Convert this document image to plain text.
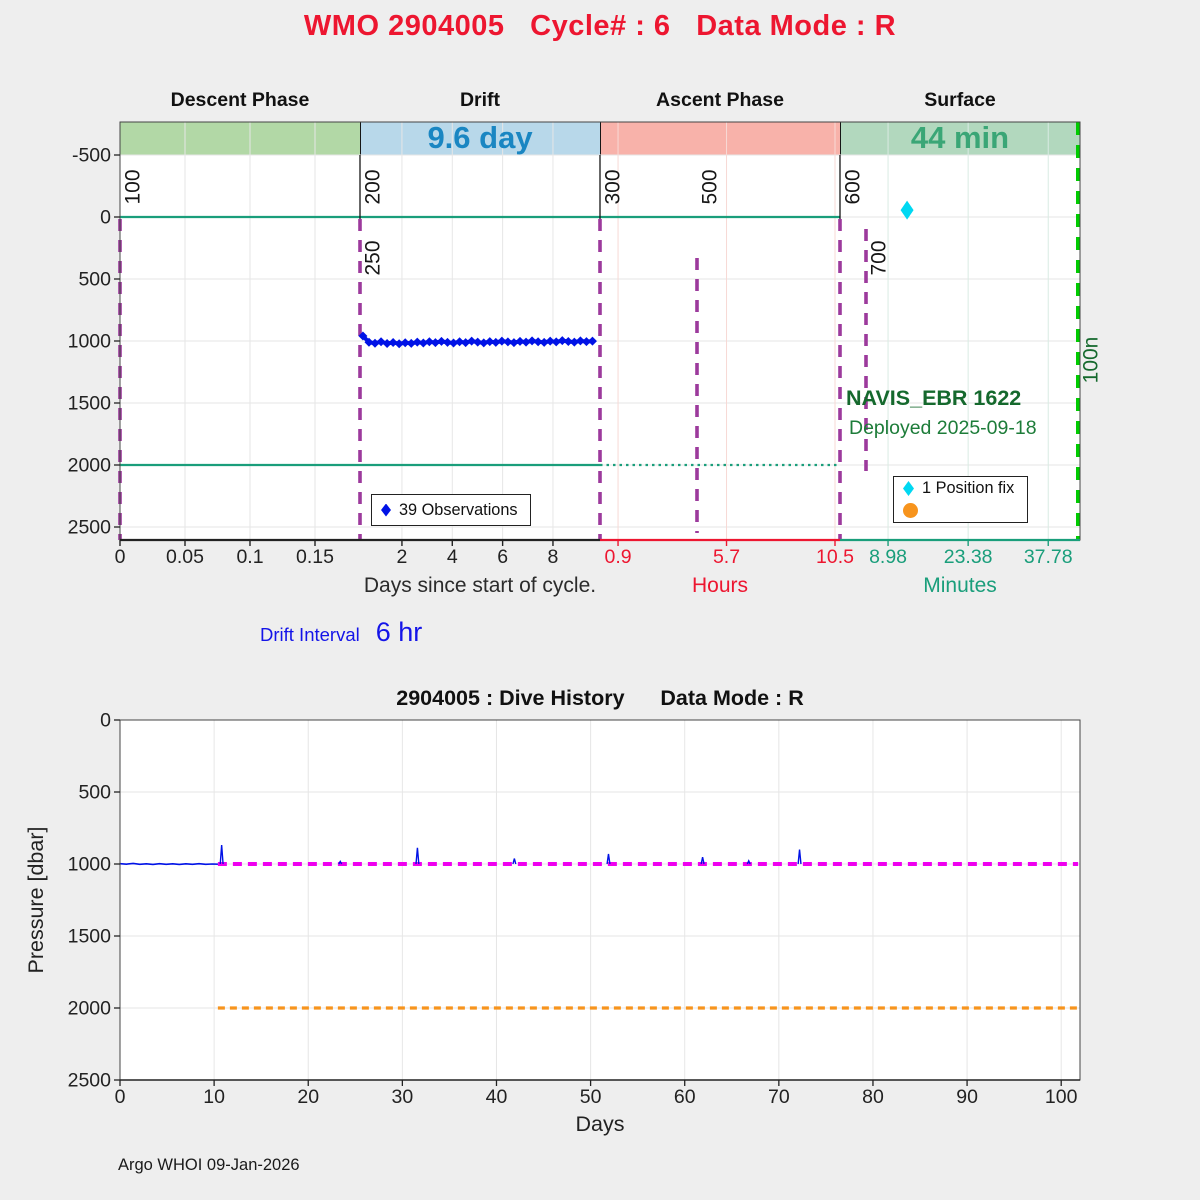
100	200
250
300	500	600
700
100n
-500
0
500
1000
1500
2000
2500
0 0.05 0.1 0.15	2 4 6 8 0.9	5.7	10.5 8.98 23.38 37.78
0
500
1000
1500
2000
2500
0	10	20	30	40	50	60	70	80	90	100
WMO 2904005   Cycle# : 6   Data Mode : R
Descent Phase	Drift	Ascent Phase	Surface
9.6 day	44 min
Days since start of cycle.	Hours	Minutes
Drift Interval 6 hr
NAVIS_EBR 1622
Deployed 2025-09-18
39 Observations
1 Position fix
2904005 : Dive History      Data Mode : R
Days
Pressure [dbar]
Argo WHOI 09-Jan-2026
